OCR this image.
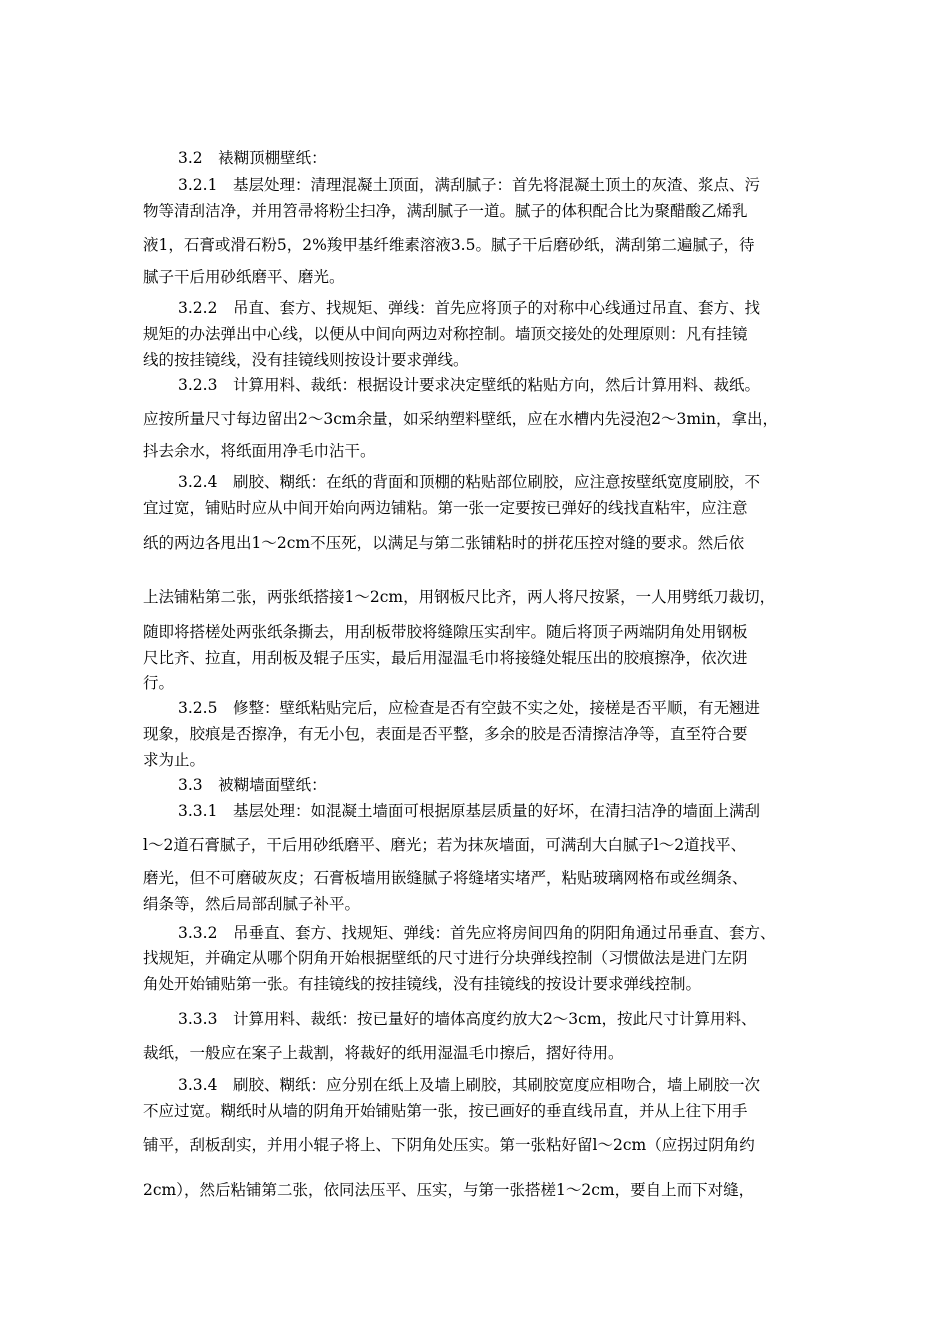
3.2　裱糊顶棚壁纸：
3.2.1　基层处理：清理混凝土顶面，满刮腻子：首先将混凝土顶土的灰渣、浆点、污
物等清刮洁净，并用笤帚将粉尘扫净，满刮腻子一道。腻子的体积配合比为聚醋酸乙烯乳
液1，石膏或滑石粉5，2%羧甲基纤维素溶液3.5。腻子干后磨砂纸，满刮第二遍腻子，待
腻子干后用砂纸磨平、磨光。
3.2.2　吊直、套方、找规矩、弹线：首先应将顶子的对称中心线通过吊直、套方、找
规矩的办法弹出中心线，以便从中间向两边对称控制。墙顶交接处的处理原则：凡有挂镜
线的按挂镜线，没有挂镜线则按设计要求弹线。
3.2.3　计算用料、裁纸：根据设计要求决定壁纸的粘贴方向，然后计算用料、裁纸。
应按所量尺寸每边留出2～3cm余量，如采纳塑料壁纸，应在水槽内先浸泡2～3min，拿出，
抖去余水，将纸面用净毛巾沾干。
3.2.4　刷胶、糊纸：在纸的背面和顶棚的粘贴部位刷胶，应注意按壁纸宽度刷胶，不
宜过宽，铺贴时应从中间开始向两边铺粘。第一张一定要按已弹好的线找直粘牢，应注意
纸的两边各甩出1～2cm不压死，以满足与第二张铺粘时的拼花压控对缝的要求。然后依
上法铺粘第二张，两张纸搭接1～2cm，用钢板尺比齐，两人将尺按紧，一人用劈纸刀裁切，
随即将搭槎处两张纸条撕去，用刮板带胶将缝隙压实刮牢。随后将顶子两端阴角处用钢板
尺比齐、拉直，用刮板及辊子压实，最后用湿温毛巾将接缝处辊压出的胶痕擦净，依次进
行。
3.2.5　修整：壁纸粘贴完后，应检查是否有空鼓不实之处，接槎是否平顺，有无翘进
现象，胶痕是否擦净，有无小包，表面是否平整，多余的胶是否清擦洁净等，直至符合要
求为止。
3.3　被糊墙面壁纸：
3.3.1　基层处理：如混凝土墙面可根据原基层质量的好坏，在清扫洁净的墙面上满刮
l～2道石膏腻子，干后用砂纸磨平、磨光；若为抹灰墙面，可满刮大白腻子l～2道找平、
磨光，但不可磨破灰皮；石膏板墙用嵌缝腻子将缝堵实堵严，粘贴玻璃网格布或丝绸条、
绢条等，然后局部刮腻子补平。
3.3.2　吊垂直、套方、找规矩、弹线：首先应将房间四角的阴阳角通过吊垂直、套方、
找规矩，并确定从哪个阴角开始根据壁纸的尺寸进行分块弹线控制（习惯做法是进门左阴
角处开始铺贴第一张。有挂镜线的按挂镜线，没有挂镜线的按设计要求弹线控制。
3.3.3　计算用料、裁纸：按已量好的墙体高度约放大2～3cm，按此尺寸计算用料、
裁纸，一般应在案子上裁割，将裁好的纸用湿温毛巾擦后，摺好待用。
3.3.4　刷胶、糊纸：应分别在纸上及墙上刷胶，其刷胶宽度应相吻合，墙上刷胶一次
不应过宽。糊纸时从墙的阴角开始铺贴第一张，按已画好的垂直线吊直，并从上往下用手
铺平，刮板刮实，并用小辊子将上、下阴角处压实。第一张粘好留l～2cm（应拐过阴角约
2cm），然后粘铺第二张，依同法压平、压实，与第一张搭槎1～2cm，要自上而下对缝，
